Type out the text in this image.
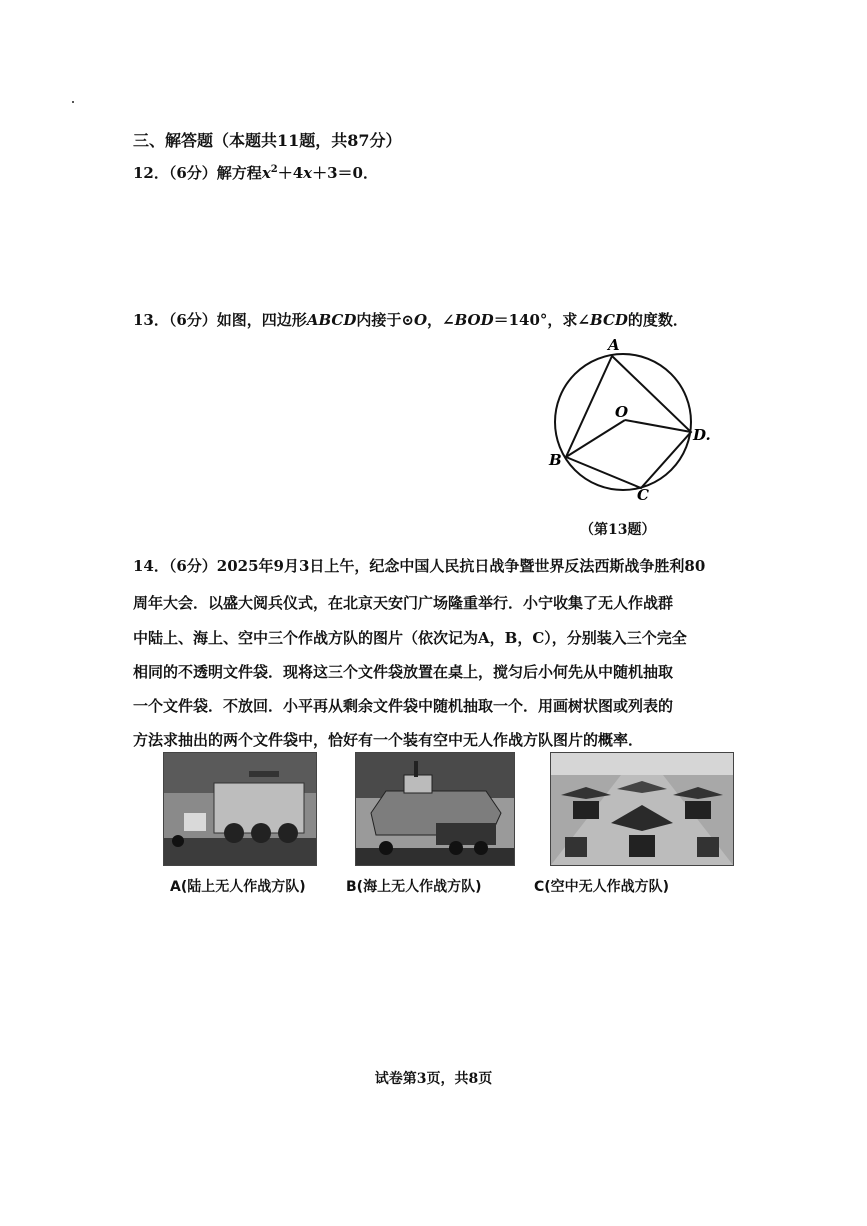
三、解答题（本题共11题，共87分）
12．（6分）解方程$x^2+4x+3=0$．
13．（6分）如图，四边形ABCD内接于⊙O，∠BOD＝140°，求∠BCD的度数．
A
B
C
D.
O
（第13题）
14．（6分）2025年9月3日上午，纪念中国人民抗日战争暨世界反法西斯战争胜利80
周年大会．以盛大阅兵仪式，在北京天安门广场隆重举行．小宁收集了无人作战群
中陆上、海上、空中三个作战方队的图片（依次记为A，B，C），分别装入三个完全
相同的不透明文件袋．现将这三个文件袋放置在桌上，搅匀后小何先从中随机抽取
一个文件袋．不放回．小平再从剩余文件袋中随机抽取一个．用画树状图或列表的
方法求抽出的两个文件袋中，恰好有一个装有空中无人作战方队图片的概率．
A(陆上无人作战方队)	B(海上无人作战方队)	C(空中无人作战方队)
试卷第3页，共8页
